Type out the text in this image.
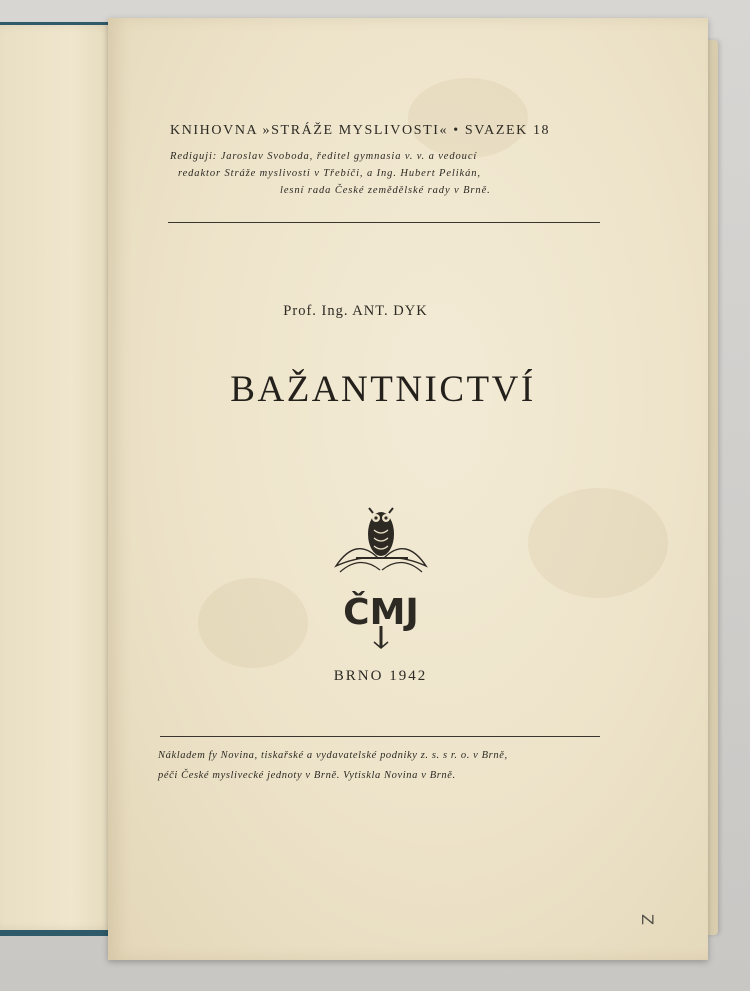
KNIHOVNA »STRÁŽE MYSLIVOSTI« • SVAZEK 18
Rediguji: Jaroslav Svoboda, ředitel gymnasia v. v. a vedoucí
redaktor Stráže myslivosti v Třebíči, a Ing. Hubert Pelikán,
lesní rada České zemědělské rady v Brně.
Prof. Ing. ANT. DYK
BAŽANTNICTVÍ
ČMJ
BRNO 1942
Nákladem fy Novina, tiskařské a vydavatelské podniky z. s. s r. o. v Brně,
péči České myslivecké jednoty v Brně. Vytiskla Novina v Brně.
Z
